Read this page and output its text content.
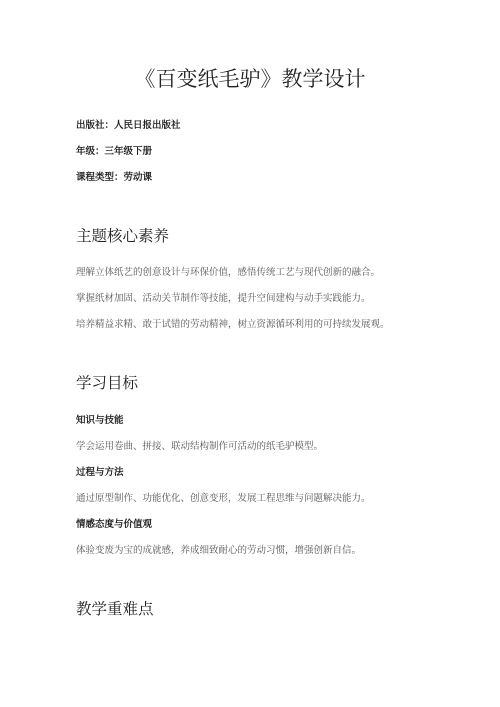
《百变纸毛驴》教学设计
出版社：人民日报出版社
年级：三年级下册
课程类型：劳动课
主题核心素养
理解立体纸艺的创意设计与环保价值，感悟传统工艺与现代创新的融合。
掌握纸材加固、活动关节制作等技能，提升空间建构与动手实践能力。
培养精益求精、敢于试错的劳动精神，树立资源循环利用的可持续发展观。
学习目标
知识与技能
学会运用卷曲、拼接、联动结构制作可活动的纸毛驴模型。
过程与方法
通过原型制作、功能优化、创意变形，发展工程思维与问题解决能力。
情感态度与价值观
体验变废为宝的成就感，养成细致耐心的劳动习惯，增强创新自信。
教学重难点
